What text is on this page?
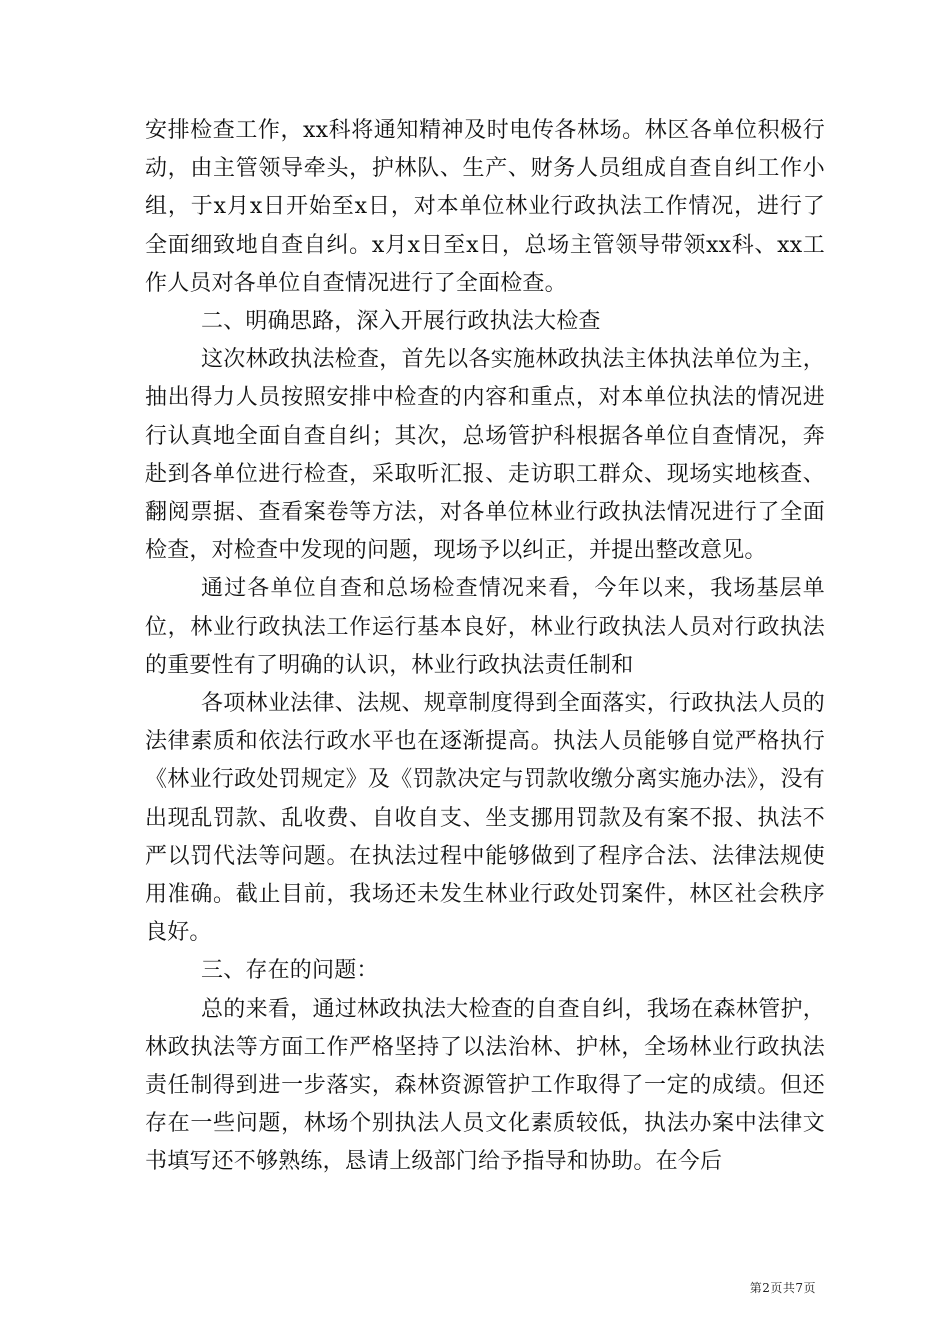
安排检查工作，xx科将通知精神及时电传各林场。林区各单位积极行动，由主管领导牵头，护林队、生产、财务人员组成自查自纠工作小组，于x月x日开始至x日，对本单位林业行政执法工作情况，进行了全面细致地自查自纠。x月x日至x日，总场主管领导带领xx科、xx工作人员对各单位自查情况进行了全面检查。

二、明确思路，深入开展行政执法大检查

这次林政执法检查，首先以各实施林政执法主体执法单位为主，抽出得力人员按照安排中检查的内容和重点，对本单位执法的情况进行认真地全面自查自纠；其次，总场管护科根据各单位自查情况，奔赴到各单位进行检查，采取听汇报、走访职工群众、现场实地核查、翻阅票据、查看案卷等方法，对各单位林业行政执法情况进行了全面检查，对检查中发现的问题，现场予以纠正，并提出整改意见。

通过各单位自查和总场检查情况来看，今年以来，我场基层单位，林业行政执法工作运行基本良好，林业行政执法人员对行政执法的重要性有了明确的认识，林业行政执法责任制和

各项林业法律、法规、规章制度得到全面落实，行政执法人员的法律素质和依法行政水平也在逐渐提高。执法人员能够自觉严格执行《林业行政处罚规定》及《罚款决定与罚款收缴分离实施办法》，没有出现乱罚款、乱收费、自收自支、坐支挪用罚款及有案不报、执法不严以罚代法等问题。在执法过程中能够做到了程序合法、法律法规使用准确。截止目前，我场还未发生林业行政处罚案件，林区社会秩序良好。

三、存在的问题：

总的来看，通过林政执法大检查的自查自纠，我场在森林管护，林政执法等方面工作严格坚持了以法治林、护林，全场林业行政执法责任制得到进一步落实，森林资源管护工作取得了一定的成绩。但还存在一些问题，林场个别执法人员文化素质较低，执法办案中法律文书填写还不够熟练，恳请上级部门给予指导和协助。在今后

第2页共7页
